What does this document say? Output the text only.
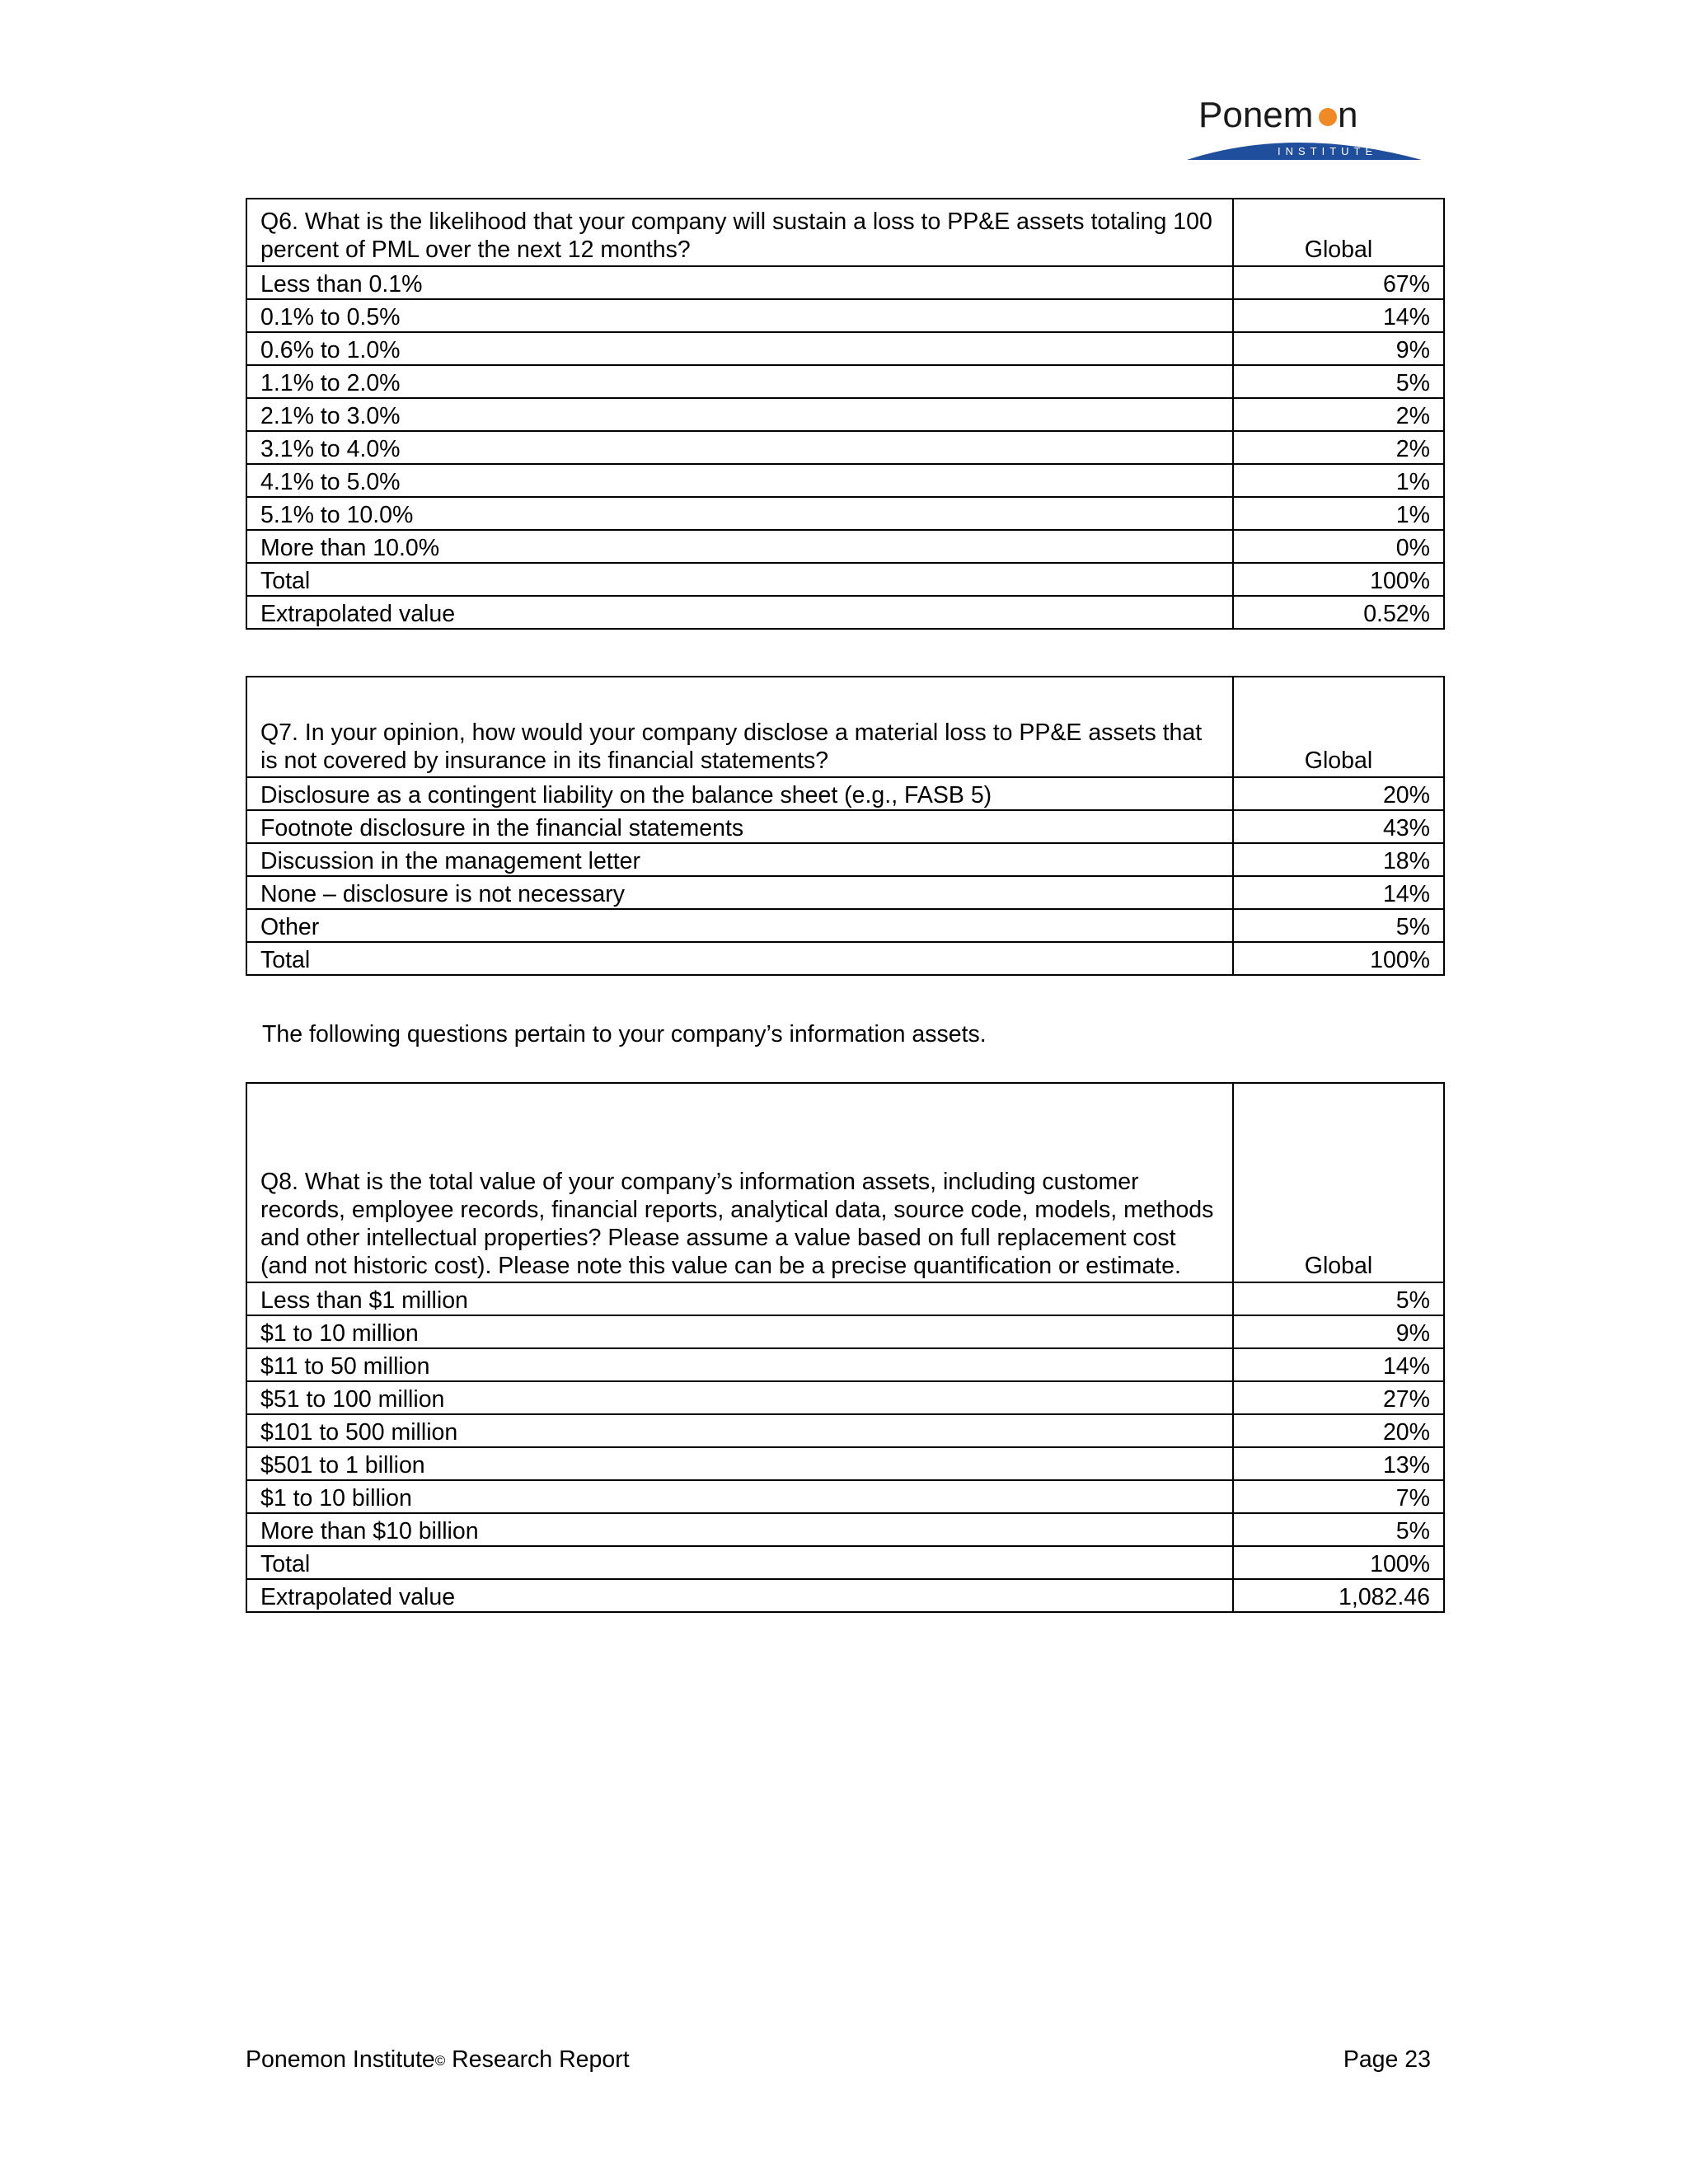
Ponem n
INSTITUTE
Q6. What is the likelihood that your company will sustain a loss to PP&E assets totaling 100 percent of PML over the next 12 months?	Global
Less than 0.1%	67%
0.1% to 0.5%	14%
0.6% to 1.0%	9%
1.1% to 2.0%	5%
2.1% to 3.0%	2%
3.1% to 4.0%	2%
4.1% to 5.0%	1%
5.1% to 10.0%	1%
More than 10.0%	0%
Total	100%
Extrapolated value	0.52%
Q7. In your opinion, how would your company disclose a material loss to PP&E assets that is not covered by insurance in its financial statements?	Global
Disclosure as a contingent liability on the balance sheet (e.g., FASB 5)	20%
Footnote disclosure in the financial statements	43%
Discussion in the management letter	18%
None – disclosure is not necessary	14%
Other	5%
Total	100%
The following questions pertain to your company’s information assets.
Q8. What is the total value of your company’s information assets, including customer records, employee records, financial reports, analytical data, source code, models, methods and other intellectual properties? Please assume a value based on full replacement cost (and not historic cost). Please note this value can be a precise quantification or estimate.	Global
Less than $1 million	5%
$1 to 10 million	9%
$11 to 50 million	14%
$51 to 100 million	27%
$101 to 500 million	20%
$501 to 1 billion	13%
$1 to 10 billion	7%
More than $10 billion	5%
Total	100%
Extrapolated value	1,082.46
Ponemon Institute© Research Report	Page 23
